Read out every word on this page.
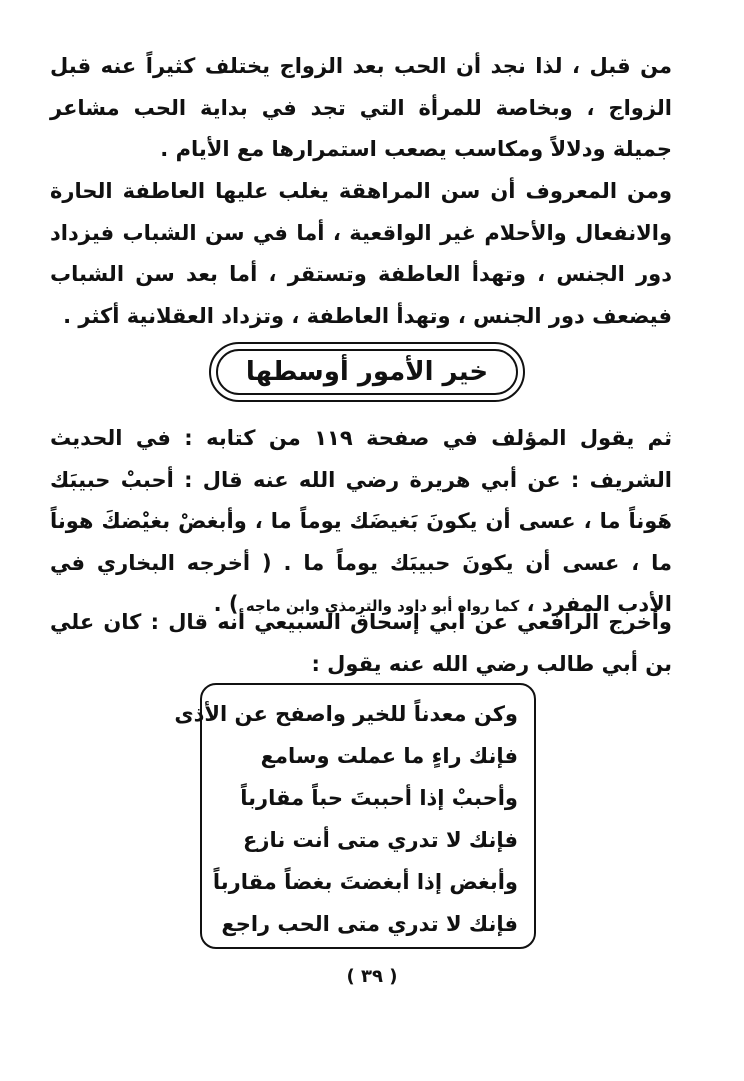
من قبل ، لذا نجد أن الحب بعد الزواج يختلف كثيراً عنه قبل الزواج ، وبخاصة للمرأة التي تجد في بداية الحب مشاعر جميلة ودلالاً ومكاسب يصعب استمرارها مع الأيام .

ومن المعروف أن سن المراهقة يغلب عليها العاطفة الحارة والانفعال والأحلام غير الواقعية ، أما في سن الشباب فيزداد دور الجنس ، وتهدأ العاطفة وتستقر ، أما بعد سن الشباب فيضعف دور الجنس ، وتهدأ العاطفة ، وتزداد العقلانية أكثر .

خير الأمور أوسطها

ثم يقول المؤلف في صفحة ١١٩ من كتابه : في الحديث الشريف : عن أبي هريرة رضي الله عنه قال : أحببْ حبيبَك هَوناً ما ، عسى أن يكونَ بَغيضَك يوماً ما ، وأبغضْ بغيْضكَ هوناً ما ، عسى أن يكونَ حبيبَك يوماً ما . ( أخرجه البخاري في الأدب المفرد ، كما رواه أبو داود والترمذي وابن ماجه ) .

وأخرج الرافعي عن أبي إسحاق السبيعي أنه قال : كان علي بن أبي طالب رضي الله عنه يقول :

وكن معدناً للخير واصفح عن الأذى
فإنك راءٍ ما عملت وسامع
وأحببْ إذا أحببتَ حباً مقارباً
فإنك لا تدري متى أنت نازع
وأبغض إذا أبغضتَ بغضاً مقارباً
فإنك لا تدري متى الحب راجع
( ٣٩ )
